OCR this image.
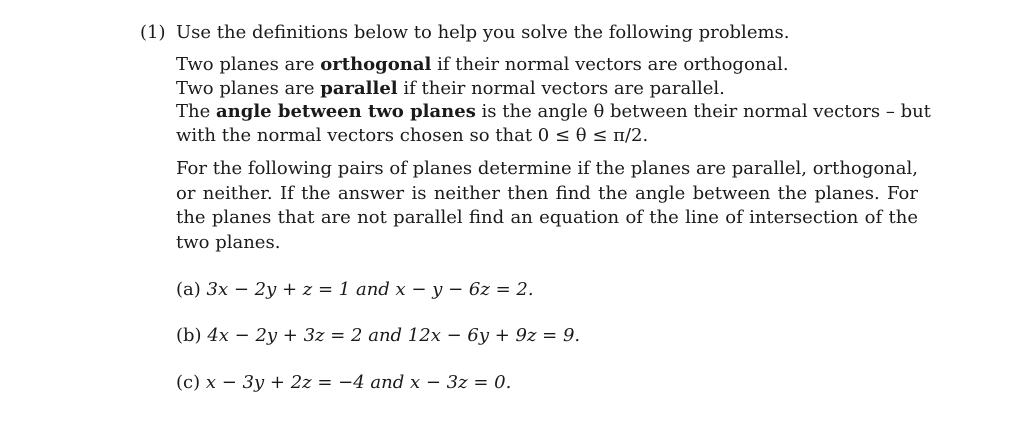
(1) Use the definitions below to help you solve the following problems.
Two planes are orthogonal if their normal vectors are orthogonal.
Two planes are parallel if their normal vectors are parallel.
The angle between two planes is the angle θ between their normal vectors – but
with the normal vectors chosen so that 0 ≤ θ ≤ π/2.
For the following pairs of planes determine if the planes are parallel, orthogonal, or neither. If the answer is neither then find the angle between the planes. For the planes that are not parallel find an equation of the line of intersection of the two planes.
(a) 3x − 2y + z = 1 and x − y − 6z = 2.
(b) 4x − 2y + 3z = 2 and 12x − 6y + 9z = 9.
(c) x − 3y + 2z = −4 and x − 3z = 0.
